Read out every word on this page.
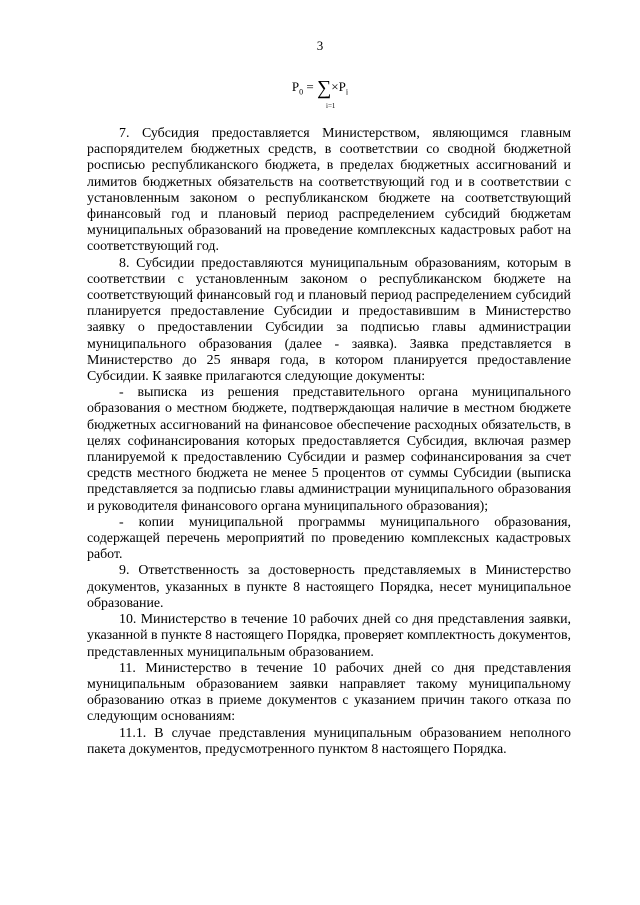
3
$P_0 = \sum\times P_i$
i=1

7. Субсидия предоставляется Министерством, являющимся главным распорядителем бюджетных средств, в соответствии со сводной бюджетной росписью республиканского бюджета, в пределах бюджетных ассигнований и лимитов бюджетных обязательств на соответствующий год и в соответствии с установленным законом о республиканском бюджете на соответствующий финансовый год и плановый период распределением субсидий бюджетам муниципальных образований на проведение комплексных кадастровых работ на соответствующий год.

8. Субсидии предоставляются муниципальным образованиям, которым в соответствии с установленным законом о республиканском бюджете на соответствующий финансовый год и плановый период распределением субсидий планируется предоставление Субсидии и предоставившим в Министерство заявку о предоставлении Субсидии за подписью главы администрации муниципального образования (далее - заявка). Заявка представляется в Министерство до 25 января года, в котором планируется предоставление Субсидии. К заявке прилагаются следующие документы:

- выписка из решения представительного органа муниципального образования о местном бюджете, подтверждающая наличие в местном бюджете бюджетных ассигнований на финансовое обеспечение расходных обязательств, в целях софинансирования которых предоставляется Субсидия, включая размер планируемой к предоставлению Субсидии и размер софинансирования за счет средств местного бюджета не менее 5 процентов от суммы Субсидии (выписка представляется за подписью главы администрации муниципального образования и руководителя финансового органа муниципального образования);

- копии муниципальной программы муниципального образования, содержащей перечень мероприятий по проведению комплексных кадастровых работ.

9. Ответственность за достоверность представляемых в Министерство документов, указанных в пункте 8 настоящего Порядка, несет муниципальное образование.

10. Министерство в течение 10 рабочих дней со дня представления заявки, указанной в пункте 8 настоящего Порядка, проверяет комплектность документов, представленных муниципальным образованием.

11. Министерство в течение 10 рабочих дней со дня представления муниципальным образованием заявки направляет такому муниципальному образованию отказ в приеме документов с указанием причин такого отказа по следующим основаниям:

11.1. В случае представления муниципальным образованием неполного пакета документов, предусмотренного пунктом 8 настоящего Порядка.
